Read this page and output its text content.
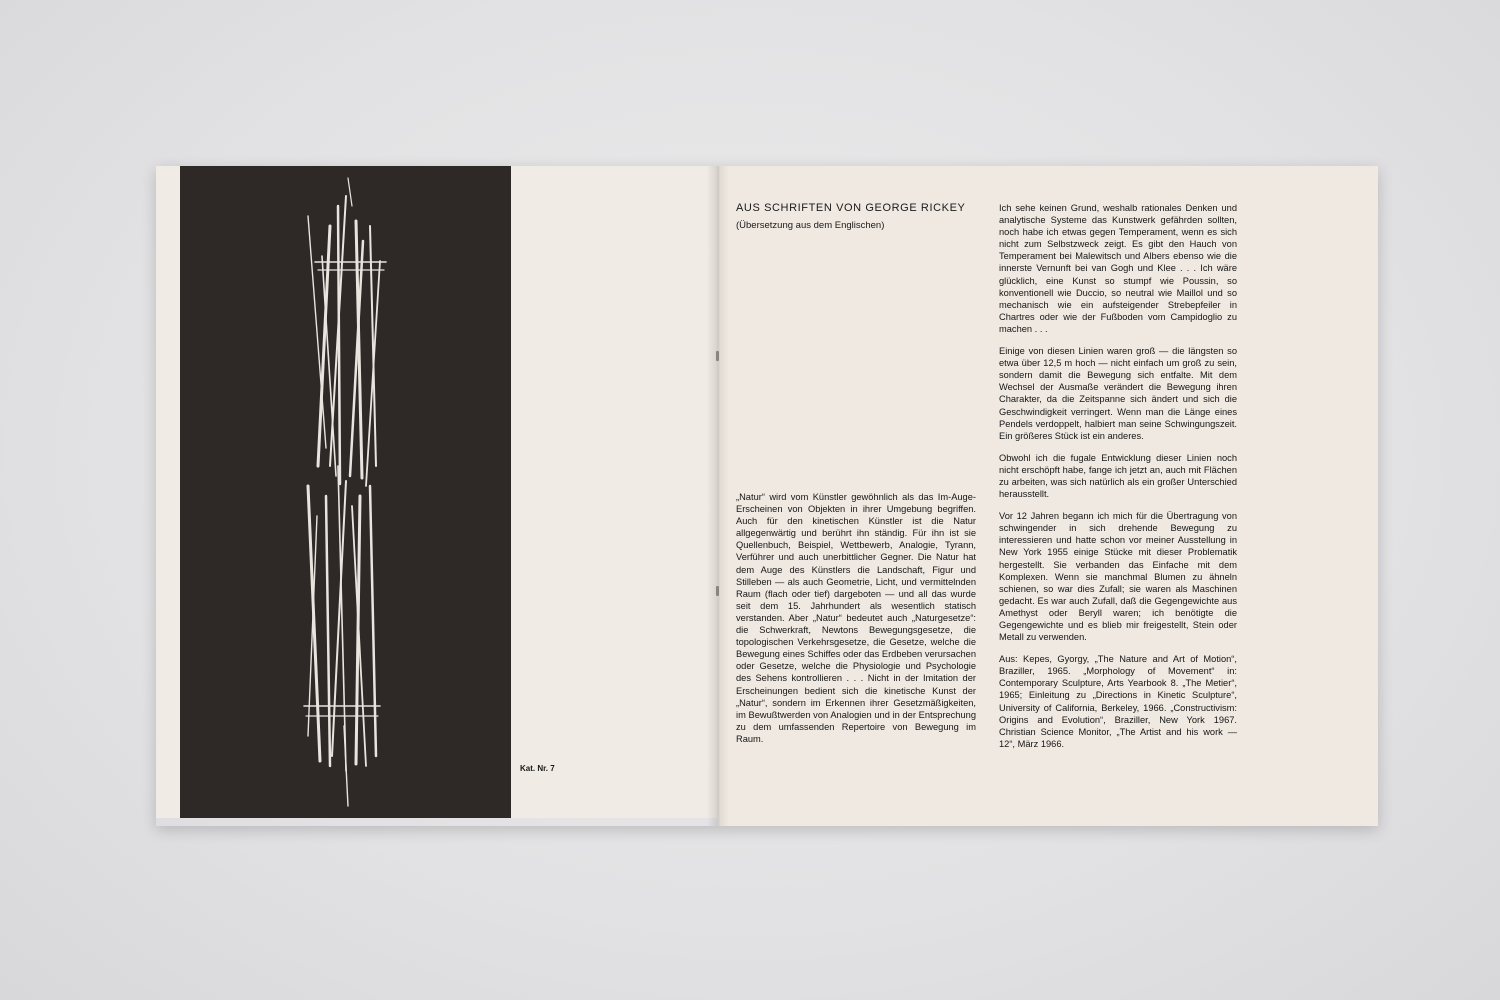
Kat. Nr. 7
AUS SCHRIFTEN VON GEORGE RICKEY
(Übersetzung aus dem Englischen)

„Natur“ wird vom Künstler gewöhnlich als das Im-Auge-Erscheinen von Objekten in ihrer Umgebung begriffen. Auch für den kinetischen Künstler ist die Natur allgegenwärtig und berührt ihn ständig. Für ihn ist sie Quellenbuch, Beispiel, Wettbewerb, Analogie, Tyrann, Verführer und auch unerbittlicher Gegner. Die Natur hat dem Auge des Künstlers die Landschaft, Figur und Stilleben — als auch Geometrie, Licht, und vermittelnden Raum (flach oder tief) dargeboten — und all das wurde seit dem 15. Jahrhundert als wesentlich statisch verstanden. Aber „Natur“ bedeutet auch „Naturgesetze“: die Schwerkraft, Newtons Bewegungsgesetze, die topologischen Verkehrsgesetze, die Gesetze, welche die Bewegung eines Schiffes oder das Erdbeben verursachen oder Gesetze, welche die Physiologie und Psychologie des Sehens kontrollieren . . . Nicht in der Imitation der Erscheinungen bedient sich die kinetische Kunst der „Natur“, sondern im Erkennen ihrer Gesetzmäßigkeiten, im Bewußtwerden von Analogien und in der Entsprechung zu dem umfassenden Repertoire von Bewegung im Raum.

Ich sehe keinen Grund, weshalb rationales Denken und analytische Systeme das Kunstwerk gefährden sollten, noch habe ich etwas gegen Temperament, wenn es sich nicht zum Selbstzweck zeigt. Es gibt den Hauch von Temperament bei Malewitsch und Albers ebenso wie die innerste Vernunft bei van Gogh und Klee . . . Ich wäre glücklich, eine Kunst so stumpf wie Poussin, so konventionell wie Duccio, so neutral wie Maillol und so mechanisch wie ein aufsteigender Strebepfeiler in Chartres oder wie der Fußboden vom Campidoglio zu machen . . .

Einige von diesen Linien waren groß — die längsten so etwa über 12,5 m hoch — nicht einfach um groß zu sein, sondern damit die Bewegung sich entfalte. Mit dem Wechsel der Ausmaße verändert die Bewegung ihren Charakter, da die Zeitspanne sich ändert und sich die Geschwindigkeit verringert. Wenn man die Länge eines Pendels verdoppelt, halbiert man seine Schwingungszeit. Ein größeres Stück ist ein anderes.

Obwohl ich die fugale Entwicklung dieser Linien noch nicht erschöpft habe, fange ich jetzt an, auch mit Flächen zu arbeiten, was sich natürlich als ein großer Unterschied herausstellt.

Vor 12 Jahren begann ich mich für die Übertragung von schwingender in sich drehende Bewegung zu interessieren und hatte schon vor meiner Ausstellung in New York 1955 einige Stücke mit dieser Problematik hergestellt. Sie verbanden das Einfache mit dem Komplexen. Wenn sie manchmal Blumen zu ähneln schienen, so war dies Zufall; sie waren als Maschinen gedacht. Es war auch Zufall, daß die Gegengewichte aus Amethyst oder Beryll waren; ich benötigte die Gegengewichte und es blieb mir freigestellt, Stein oder Metall zu verwenden.

Aus: Kepes, Gyorgy, „The Nature and Art of Motion“, Braziller, 1965. „Morphology of Movement“ in: Contemporary Sculpture, Arts Yearbook 8. „The Metier“, 1965; Einleitung zu „Directions in Kinetic Sculpture“, University of California, Berkeley, 1966. „Constructivism: Origins and Evolution“, Braziller, New York 1967. Christian Science Monitor, „The Artist and his work — 12“, März 1966.
